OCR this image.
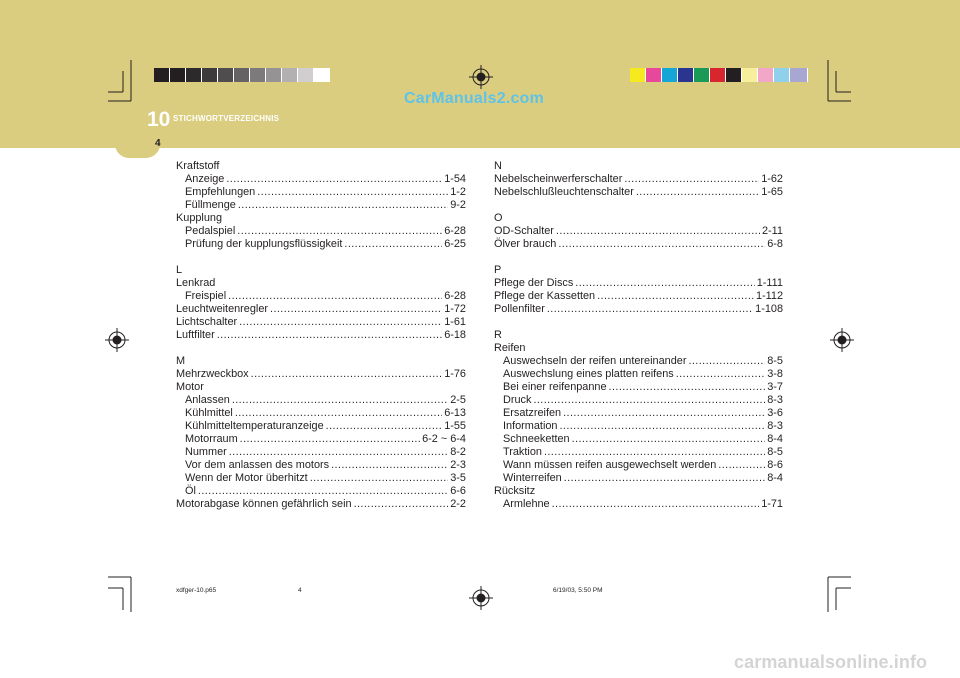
CarManuals2.com
10 STICHWORTVERZEICHNIS
4
Kraftstoff
Anzeige .....	1-54
Empfehlungen .....	1-2
Füllmenge .....	9-2
Kupplung
Pedalspiel .....	6-28
Prüfung der kupplungsflüssigkeit .....	6-25
L
Lenkrad
Freispiel .....	6-28
Leuchtweitenregler .....	1-72
Lichtschalter .....	1-61
Luftfilter .....	6-18
M
Mehrzweckbox .....	1-76
Motor
Anlassen .....	2-5
Kühlmittel .....	6-13
Kühlmitteltemperaturanzeige .....	1-55
Motorraum .....	6-2 ~ 6-4
Nummer .....	8-2
Vor dem anlassen des motors .....	2-3
Wenn der Motor überhitzt .....	3-5
Öl .....	6-6
Motorabgase können gefährlich sein .....	2-2
N
Nebelscheinwerferschalter .....	1-62
Nebelschlußleuchtenschalter .....	1-65
O
OD-Schalter .....	2-11
Ölver brauch .....	6-8
P
Pflege der Discs .....	1-111
Pflege der Kassetten .....	1-112
Pollenfilter .....	1-108
R
Reifen
Auswechseln der reifen untereinander .....	8-5
Auswechslung eines platten reifens .....	3-8
Bei einer reifenpanne .....	3-7
Druck .....	8-3
Ersatzreifen .....	3-6
Information .....	8-3
Schneeketten .....	8-4
Traktion .....	8-5
Wann müssen reifen ausgewechselt werden .....	8-6
Winterreifen .....	8-4
Rücksitz
Armlehne .....	1-71
xdfger-10.p65	4	6/19/03, 5:50 PM
carmanualsonline.info
